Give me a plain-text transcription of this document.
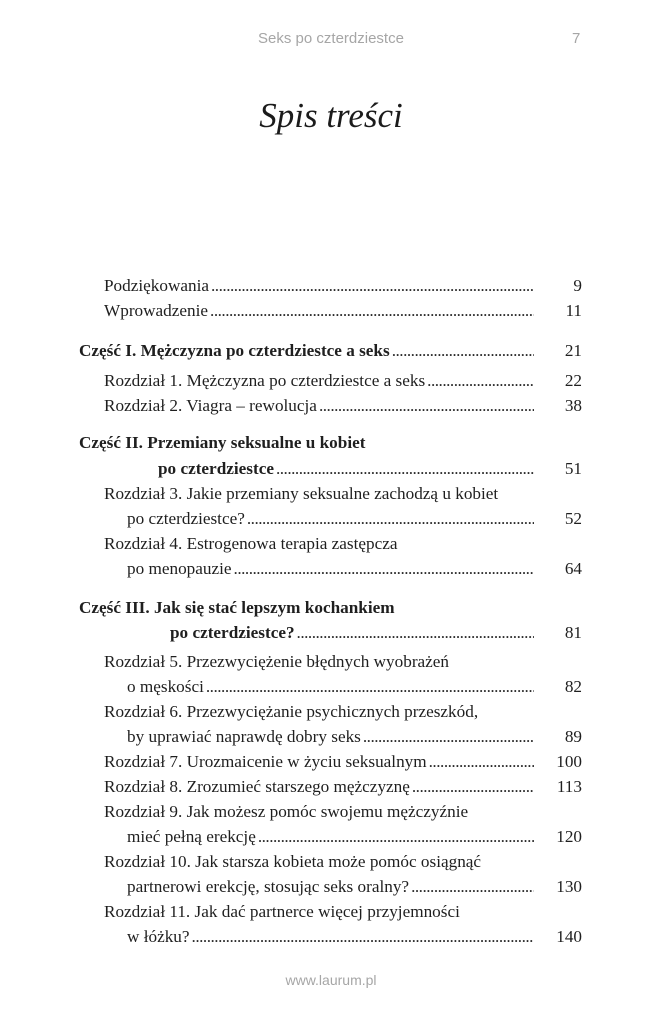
Seks po czterdziestce	7
Spis treści
Podziękowania . . .	9
Wprowadzenie . . .	11
Część I. Mężczyzna po czterdziestce a seks . . .	21
Rozdział 1. Mężczyzna po czterdziestce a seks . . .	22
Rozdział 2. Viagra – rewolucja . . .	38
Część II. Przemiany seksualne u kobiet
po czterdziestce . . .	51
Rozdział 3. Jakie przemiany seksualne zachodzą u kobiet
po czterdziestce? . . .	52
Rozdział 4. Estrogenowa terapia zastępcza
po menopauzie . . .	64
Część III. Jak się stać lepszym kochankiem
po czterdziestce? . . .	81
Rozdział 5. Przezwyciężenie błędnych wyobrażeń
o męskości . . .	82
Rozdział 6. Przezwyciężanie psychicznych przeszkód,
by uprawiać naprawdę dobry seks . . .	89
Rozdział 7. Urozmaicenie w życiu seksualnym . . .	100
Rozdział 8. Zrozumieć starszego mężczyznę . . .	113
Rozdział 9. Jak możesz pomóc swojemu mężczyźnie
mieć pełną erekcję . . .	120
Rozdział 10. Jak starsza kobieta może pomóc osiągnąć
partnerowi erekcję, stosując seks oralny? . . .	130
Rozdział 11. Jak dać partnerce więcej przyjemności
w łóżku? . . .	140
www.laurum.pl
